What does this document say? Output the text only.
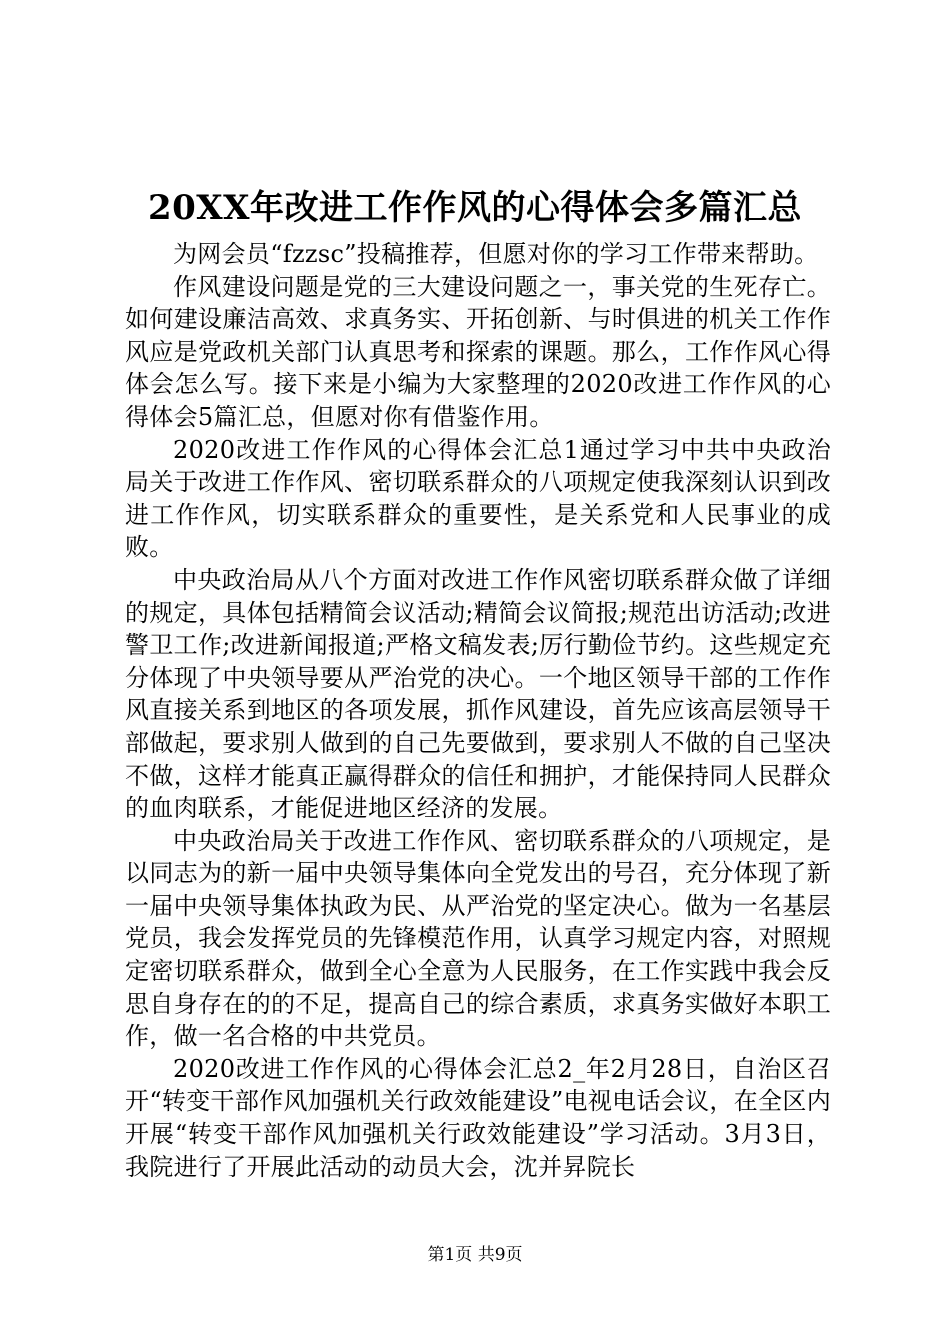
20XX年改进工作作风的心得体会多篇汇总

为网会员“fzzsc”投稿推荐，但愿对你的学习工作带来帮助。

作风建设问题是党的三大建设问题之一，事关党的生死存亡。如何建设廉洁高效、求真务实、开拓创新、与时俱进的机关工作作风应是党政机关部门认真思考和探索的课题。那么，工作作风心得体会怎么写。接下来是小编为大家整理的2020改进工作作风的心得体会5篇汇总，但愿对你有借鉴作用。

2020改进工作作风的心得体会汇总1通过学习中共中央政治局关于改进工作作风、密切联系群众的八项规定使我深刻认识到改进工作作风，切实联系群众的重要性，是关系党和人民事业的成败。

中央政治局从八个方面对改进工作作风密切联系群众做了详细的规定，具体包括精简会议活动;精简会议简报;规范出访活动;改进警卫工作;改进新闻报道;严格文稿发表;厉行勤俭节约。这些规定充分体现了中央领导要从严治党的决心。一个地区领导干部的工作作风直接关系到地区的各项发展，抓作风建设，首先应该高层领导干部做起，要求别人做到的自己先要做到，要求别人不做的自己坚决不做，这样才能真正赢得群众的信任和拥护，才能保持同人民群众的血肉联系，才能促进地区经济的发展。

中央政治局关于改进工作作风、密切联系群众的八项规定，是以同志为的新一届中央领导集体向全党发出的号召，充分体现了新一届中央领导集体执政为民、从严治党的坚定决心。做为一名基层党员，我会发挥党员的先锋模范作用，认真学习规定内容，对照规定密切联系群众，做到全心全意为人民服务，在工作实践中我会反思自身存在的的不足，提高自己的综合素质，求真务实做好本职工作，做一名合格的中共党员。

2020改进工作作风的心得体会汇总2_年2月28日，自治区召开“转变干部作风加强机关行政效能建设”电视电话会议，在全区内开展“转变干部作风加强机关行政效能建设”学习活动。3月3日，我院进行了开展此活动的动员大会，沈并昇院长

第1页 共9页
